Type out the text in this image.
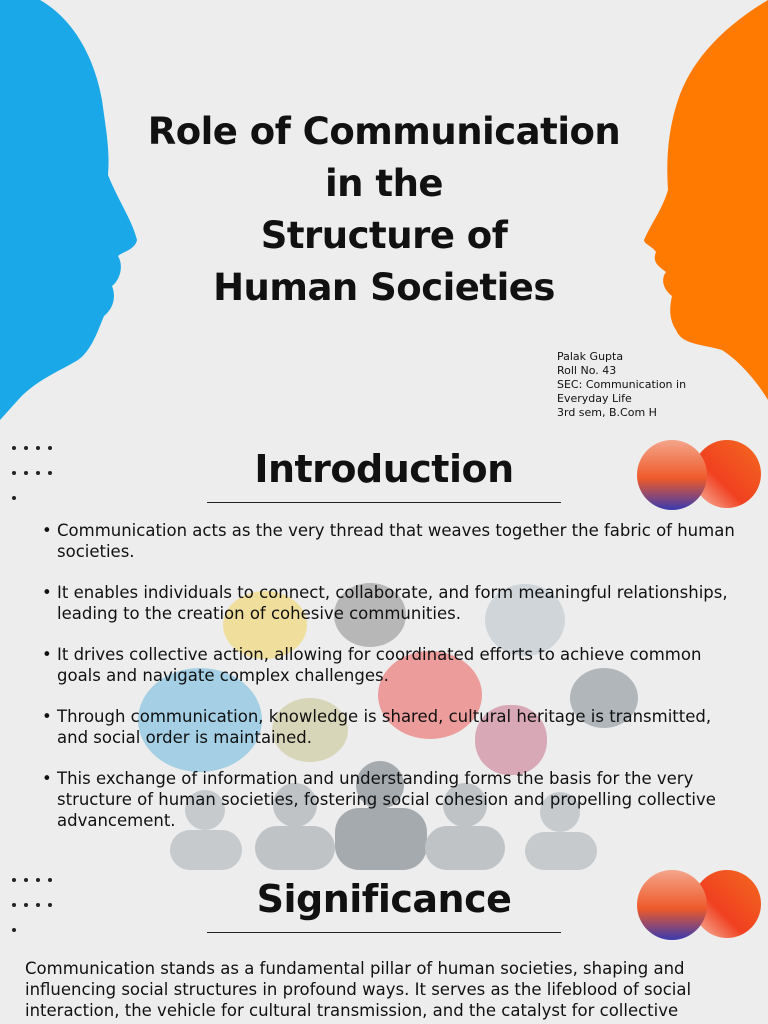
Role of Communication
in the
Structure of
Human Societies
Palak Gupta
Roll No. 43
SEC: Communication in
Everyday Life
3rd sem, B.Com H
Introduction
• Communication acts as the very thread that weaves together the fabric of human societies.
• It enables individuals to connect, collaborate, and form meaningful relationships, leading to the creation of cohesive communities.
• It drives collective action, allowing for coordinated efforts to achieve common goals and navigate complex challenges.
• Through communication, knowledge is shared, cultural heritage is transmitted, and social order is maintained.
• This exchange of information and understanding forms the basis for the very structure of human societies, fostering social cohesion and propelling collective advancement.
Significance
Communication stands as a fundamental pillar of human societies, shaping and influencing social structures in profound ways. It serves as the lifeblood of social interaction, the vehicle for cultural transmission, and the catalyst for collective
